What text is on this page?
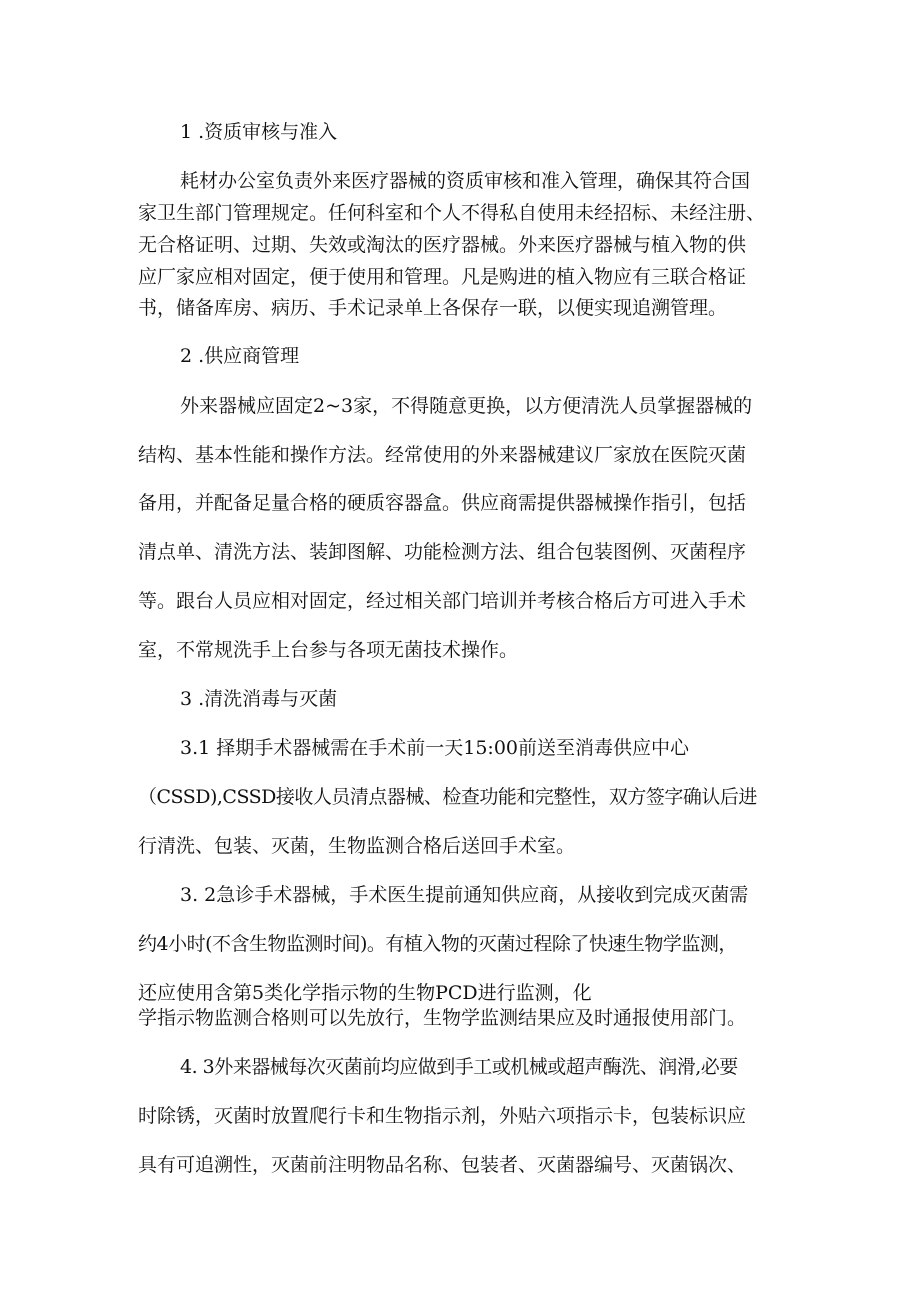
1 .资质审核与准入
耗材办公室负责外来医疗器械的资质审核和准入管理，确保其符合国
家卫生部门管理规定。任何科室和个人不得私自使用未经招标、未经注册、
无合格证明、过期、失效或淘汰的医疗器械。外来医疗器械与植入物的供
应厂家应相对固定，便于使用和管理。凡是购进的植入物应有三联合格证
书，储备库房、病历、手术记录单上各保存一联，以便实现追溯管理。
2 .供应商管理
外来器械应固定2~3家，不得随意更换，以方便清洗人员掌握器械的
结构、基本性能和操作方法。经常使用的外来器械建议厂家放在医院灭菌
备用，并配备足量合格的硬质容器盒。供应商需提供器械操作指引，包括
清点单、清洗方法、装卸图解、功能检测方法、组合包装图例、灭菌程序
等。跟台人员应相对固定，经过相关部门培训并考核合格后方可进入手术
室，不常规洗手上台参与各项无菌技术操作。
3 .清洗消毒与灭菌
3.1 择期手术器械需在手术前一天15:00前送至消毒供应中心
（CSSD),CSSD接收人员清点器械、检查功能和完整性，双方签字确认后进
行清洗、包装、灭菌，生物监测合格后送回手术室。
3. 2急诊手术器械，手术医生提前通知供应商，从接收到完成灭菌需
约4小时(不含生物监测时间)。有植入物的灭菌过程除了快速生物学监测，
还应使用含第5类化学指示物的生物PCD进行监测，化
学指示物监测合格则可以先放行，生物学监测结果应及时通报使用部门。
4. 3外来器械每次灭菌前均应做到手工或机械或超声酶洗、润滑,必要
时除锈，灭菌时放置爬行卡和生物指示剂，外贴六项指示卡，包装标识应
具有可追溯性，灭菌前注明物品名称、包装者、灭菌器编号、灭菌锅次、
